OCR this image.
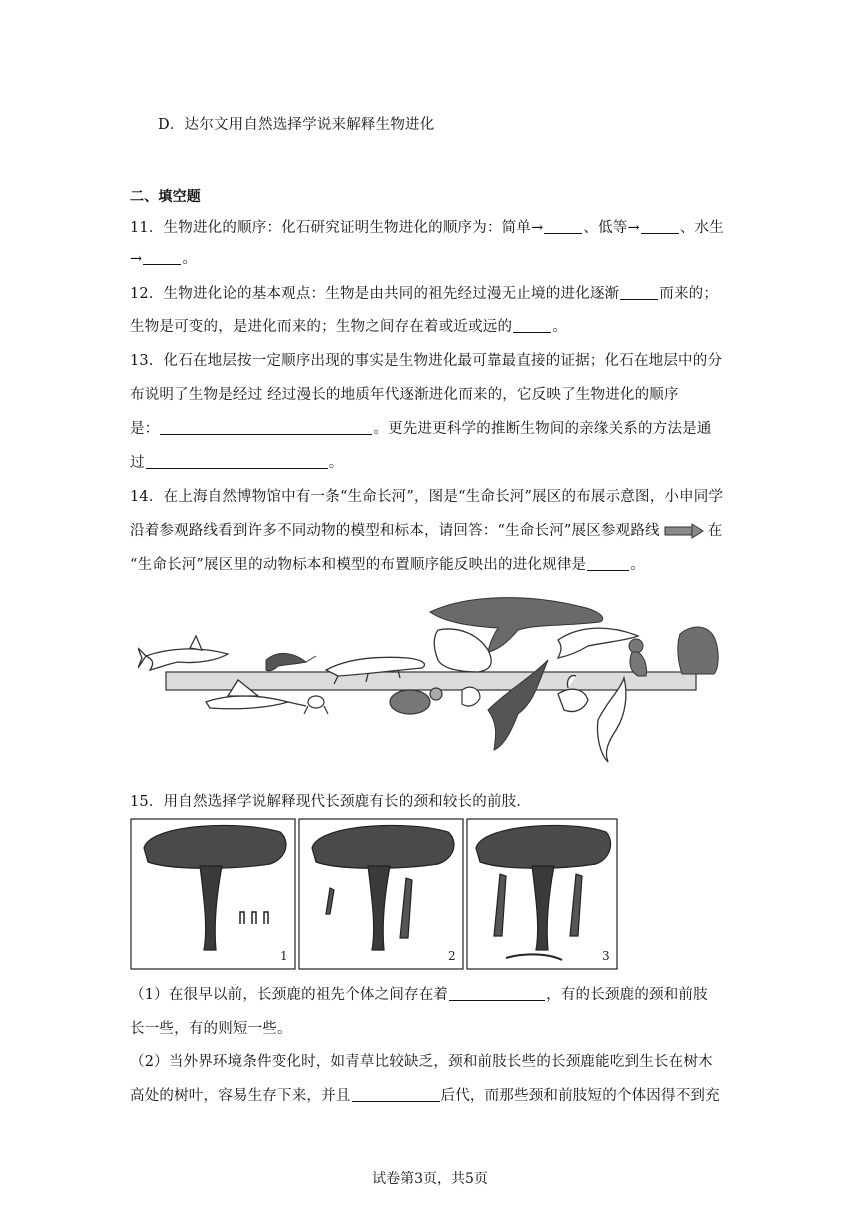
D．达尔文用自然选择学说来解释生物进化
二、填空题
11．生物进化的顺序：化石研究证明生物进化的顺序为：简单→	、低等→	、水生
→	。
12．生物进化论的基本观点：生物是由共同的祖先经过漫无止境的进化逐渐	而来的；
生物是可变的，是进化而来的；生物之间存在着或近或远的	。
13．化石在地层按一定顺序出现的事实是生物进化最可靠最直接的证据；化石在地层中的分
布说明了生物是经过 经过漫长的地质年代逐渐进化而来的，它反映了生物进化的顺序
是：	。更先进更科学的推断生物间的亲缘关系的方法是通
过	。
14．在上海自然博物馆中有一条“生命长河”，图是“生命长河”展区的布展示意图，小申同学
沿着参观路线看到许多不同动物的模型和标本，请回答：“生命长河”展区参观路线	在
“生命长河”展区里的动物标本和模型的布置顺序能反映出的进化规律是	。
15．用自然选择学说解释现代长颈鹿有长的颈和较长的前肢．
1	2	3
（1）在很早以前，长颈鹿的祖先个体之间存在着	，有的长颈鹿的颈和前肢
长一些，有的则短一些。
（2）当外界环境条件变化时，如青草比较缺乏，颈和前肢长些的长颈鹿能吃到生长在树木
高处的树叶，容易生存下来，并且	后代，而那些颈和前肢短的个体因得不到充
试卷第3页，共5页
